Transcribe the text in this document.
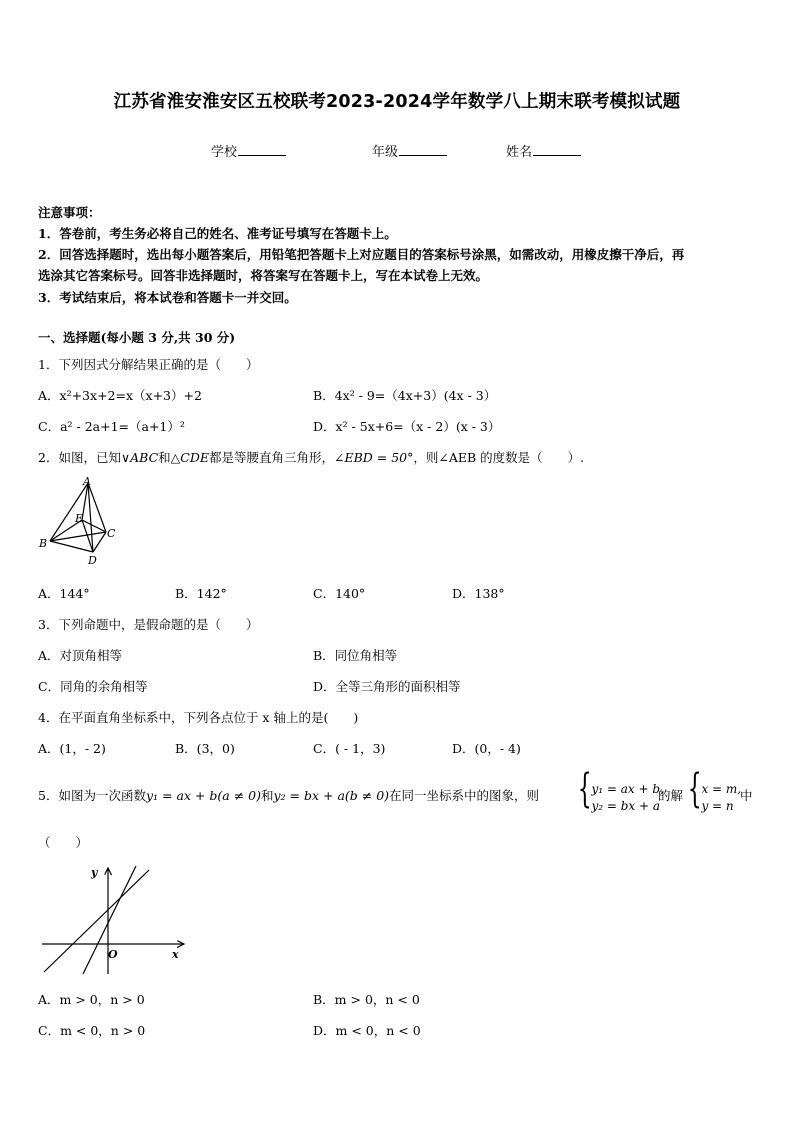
江苏省淮安淮安区五校联考2023-2024学年数学八上期末联考模拟试题
学校	年级	姓名
注意事项：
1．答卷前，考生务必将自己的姓名、准考证号填写在答题卡上。
2．回答选择题时，选出每小题答案后，用铅笔把答题卡上对应题目的答案标号涂黑，如需改动，用橡皮擦干净后，再
选涂其它答案标号。回答非选择题时，将答案写在答题卡上，写在本试卷上无效。
3．考试结束后，将本试卷和答题卡一并交回。
一、选择题(每小题 3 分,共 30 分)
1．下列因式分解结果正确的是（　　）
A．x²+3x+2=x（x+3）+2	B．4x² - 9=（4x+3）(4x - 3）
C．a² - 2a+1=（a+1）²	D．x² - 5x+6=（x - 2）(x - 3）
2．如图，已知∨ABC和△CDE都是等腰直角三角形，∠EBD = 50°，则∠AEB 的度数是（　　）.
A
B
C
D
E
A．144°	B．142°	C．140°	D．138°
3．下列命题中，是假命题的是（　　）
A．对顶角相等	B．同位角相等
C．同角的余角相等	D．全等三角形的面积相等
4．在平面直角坐标系中，下列各点位于 x 轴上的是(　　)
A．(1，- 2)	B．(3，0)	C．( - 1，3)	D．(0，- 4)
5．如图为一次函数y₁ = ax + b(a ≠ 0)和y₂ = bx + a(b ≠ 0)在同一坐标系中的图象，则 {y₁ = ax + b,
y₂ = bx + a
的解 {x = m,
y = n
中
（　　）
y
O	x
A．m > 0，n > 0	B．m > 0，n < 0
C．m < 0，n > 0	D．m < 0，n < 0
